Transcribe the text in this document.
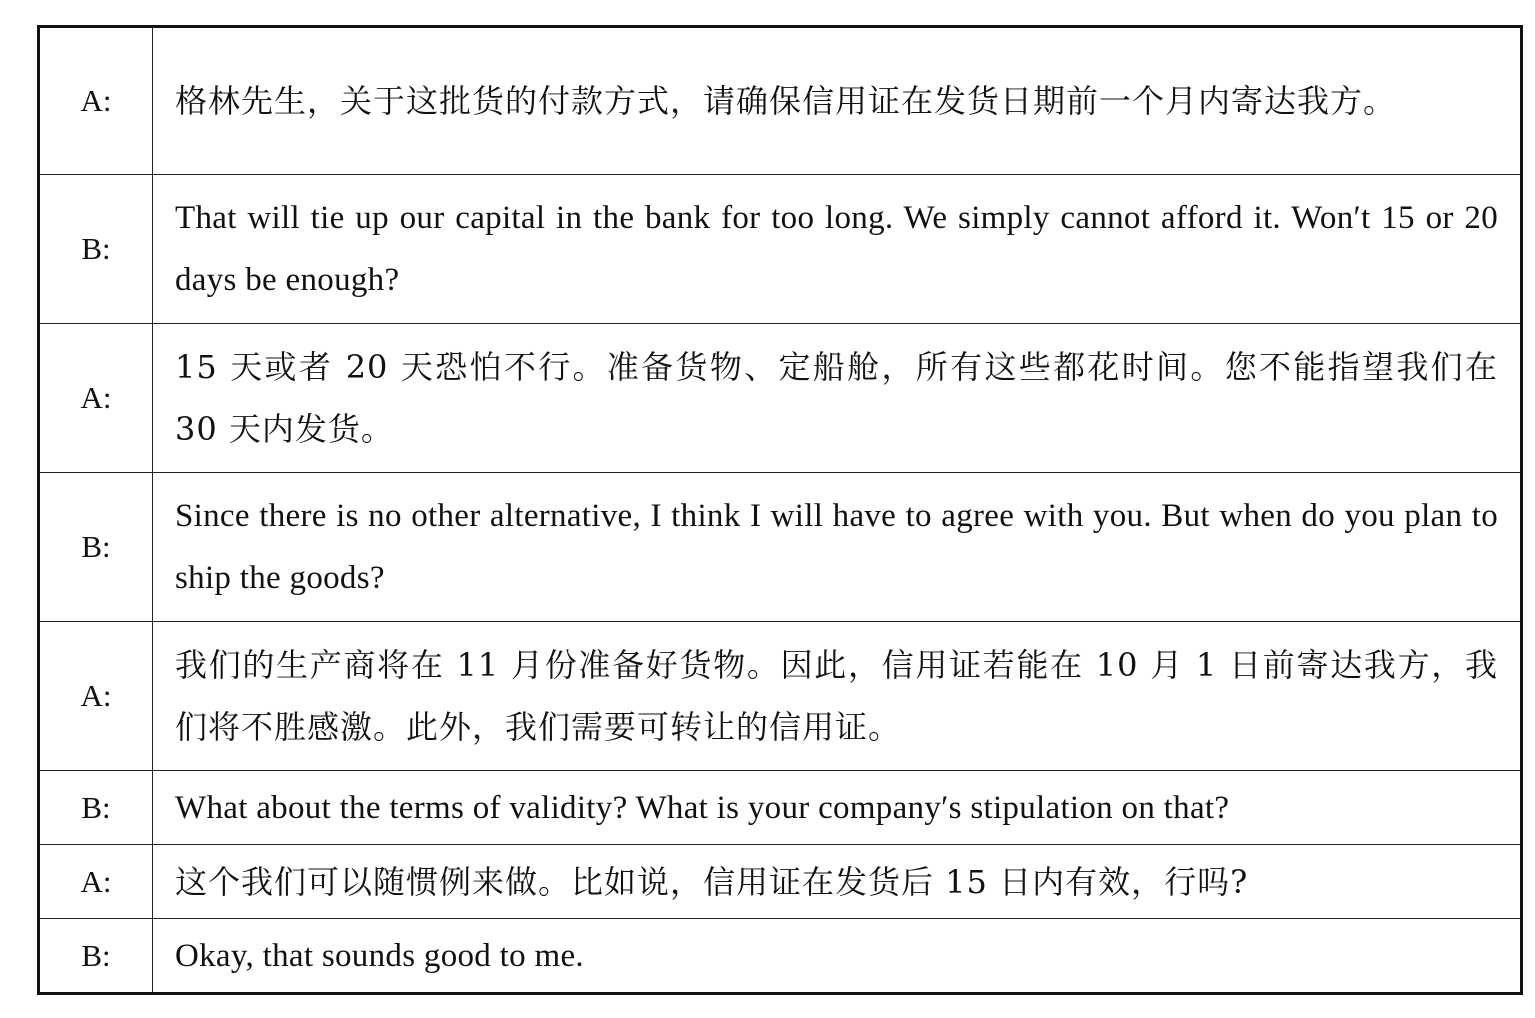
A:	格林先生，关于这批货的付款方式，请确保信用证在发货日期前一个月内寄达我方。
B:	That will tie up our capital in the bank for too long. We simply cannot afford it. Won′t 15 or 20 days be enough?
A:	15 天或者 20 天恐怕不行。准备货物、定船舱，所有这些都花时间。您不能指望我们在 30 天内发货。
B:	Since there is no other alternative, I think I will have to agree with you. But when do you plan to ship the goods?
A:	我们的生产商将在 11 月份准备好货物。因此，信用证若能在 10 月 1 日前寄达我方，我们将不胜感激。此外，我们需要可转让的信用证。
B:	What about the terms of validity? What is your company′s stipulation on that?
A:	这个我们可以随惯例来做。比如说，信用证在发货后 15 日内有效，行吗?
B:	Okay, that sounds good to me.
